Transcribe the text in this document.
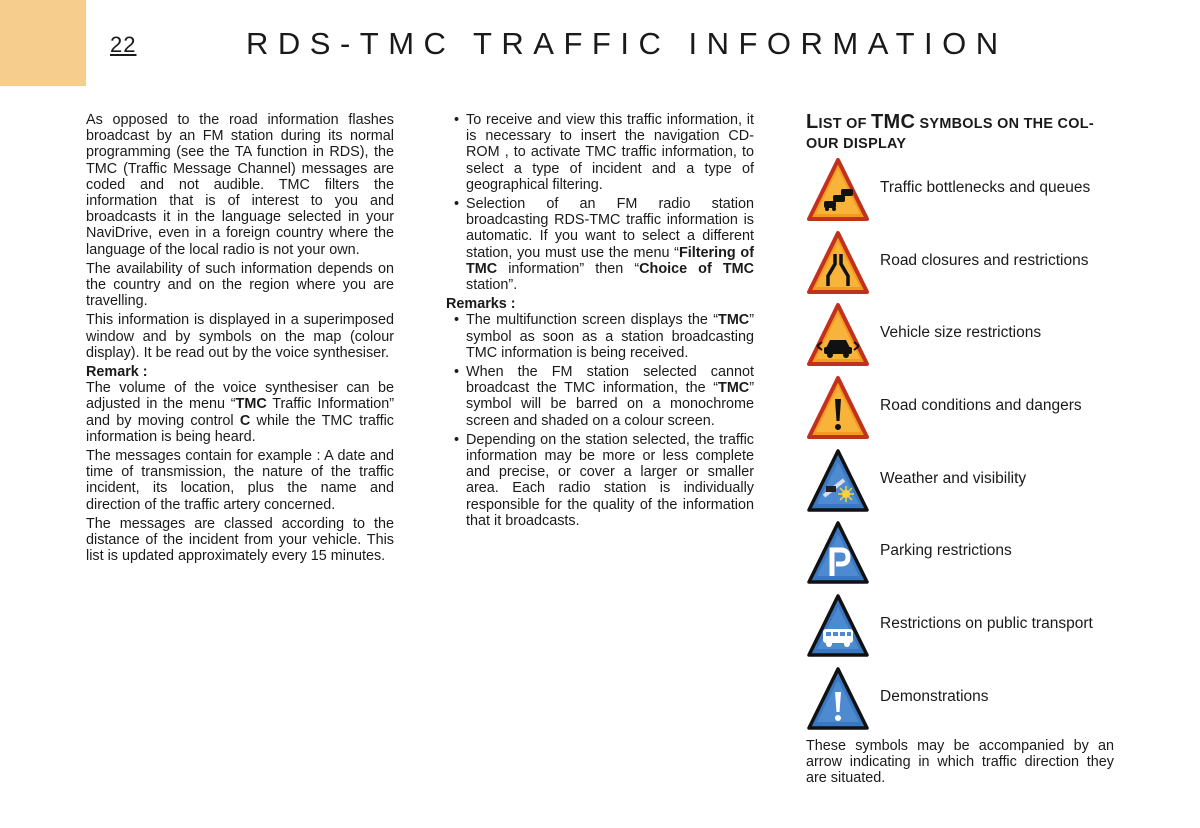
22	RDS-TMC TRAFFIC INFORMATION

As opposed to the road information flashes broadcast by an FM station during its normal programming (see the TA function in RDS), the TMC (Traffic Message Channel) messages are coded and not audible. TMC filters the information that is of interest to you and broadcasts it in the language selected in your NaviDrive, even in a foreign country where the language of the local radio is not your own.

The availability of such information depends on the country and on the region where you are travelling.

This information is displayed in a superimposed window and by symbols on the map (colour display). It be read out by the voice synthesiser.

Remark :

The volume of the voice synthesiser can be adjusted in the menu “TMC Traffic Information” and by moving control C while the TMC traffic information is being heard.

The messages contain for example : A date and time of transmission, the nature of the traffic incident, its location, plus the name and direction of the traffic artery concerned.

The messages are classed according to the distance of the incident from your vehicle. This list is updated approximately every 15 minutes.

• To receive and view this traffic information, it is necessary to insert the navigation CD-ROM , to activate TMC traffic information, to select a type of incident and a type of geographical filtering.

• Selection of an FM radio station broadcasting RDS-TMC traffic information is automatic. If you want to select a different station, you must use the menu “Filtering of TMC information” then “Choice of TMC station”.

Remarks :

• The multifunction screen displays the “TMC” symbol as soon as a station broadcasting TMC information is being received.

• When the FM station selected cannot broadcast the TMC information, the “TMC” symbol will be barred on a monochrome screen and shaded on a colour screen.

• Depending on the station selected, the traffic information may be more or less complete and precise, or cover a larger or smaller area. Each radio station is individually responsible for the quality of the information that it broadcasts.

LIST OF TMC SYMBOLS ON THE COL-
OUR DISPLAY
Traffic bottlenecks and queues
Road closures and restrictions
Vehicle size restrictions
Road conditions and dangers
Weather and visibility
Parking restrictions
Restrictions on public transport
Demonstrations
These symbols may be accompanied by an arrow indicating in which traffic direction they are situated.
